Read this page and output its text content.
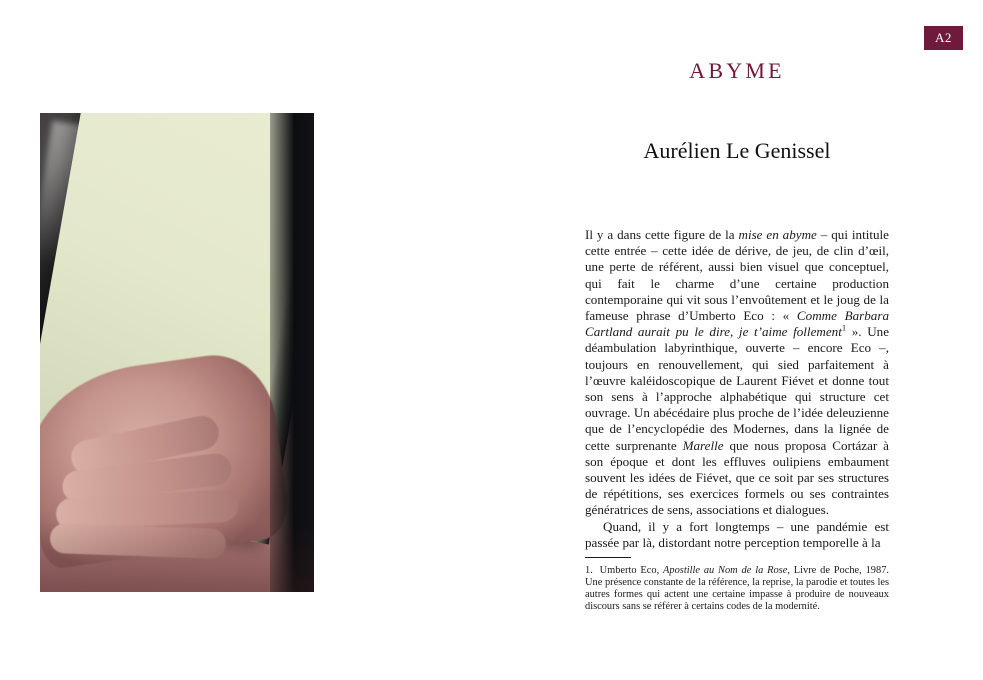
A2
ABYME
Aurélien Le Genissel

Il y a dans cette figure de la mise en abyme – qui intitule cette entrée – cette idée de dérive, de jeu, de clin d’œil, une perte de référent, aussi bien visuel que conceptuel, qui fait le charme d’une certaine production contemporaine qui vit sous l’envoûtement et le joug de la fameuse phrase d’Umberto Eco : « Comme Barbara Cartland aurait pu le dire, je t’aime follement$^1$ ». Une déambulation labyrinthique, ouverte – encore Eco –, toujours en renouvellement, qui sied parfaitement à l’œuvre kaléidoscopique de Laurent Fiévet et donne tout son sens à l’approche alphabétique qui structure cet ouvrage. Un abécédaire plus proche de l’idée deleuzienne que de l’encyclopédie des Modernes, dans la lignée de cette surprenante Marelle que nous proposa Cortázar à son époque et dont les effluves oulipiens embaument souvent les idées de Fiévet, que ce soit par ses structures de répétitions, ses exercices formels ou ses contraintes génératrices de sens, associations et dialogues.

Quand, il y a fort longtemps – une pandémie est passée par là, distordant notre perception temporelle à la

1. Umberto Eco, Apostille au Nom de la Rose, Livre de Poche, 1987. Une présence constante de la référence, la reprise, la parodie et toutes les autres formes qui actent une certaine impasse à produire de nouveaux discours sans se référer à certains codes de la modernité.
